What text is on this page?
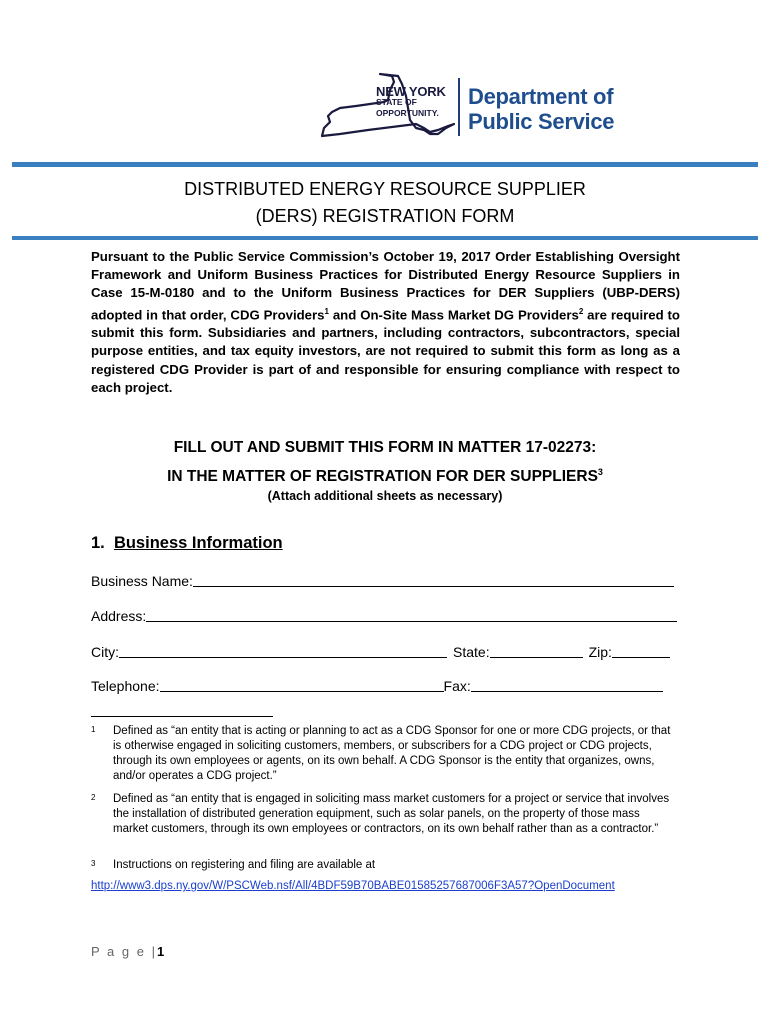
NEW YORK
STATE OF
OPPORTUNITY.
Department of
Public Service
DISTRIBUTED ENERGY RESOURCE SUPPLIER
(DERS) REGISTRATION FORM
Pursuant to the Public Service Commission’s October 19, 2017 Order Establishing Oversight Framework and Uniform Business Practices for Distributed Energy Resource Suppliers in Case 15-M-0180 and to the Uniform Business Practices for DER Suppliers (UBP-DERS) adopted in that order, CDG Providers$^1$ and On-Site Mass Market DG Providers$^2$ are required to submit this form. Subsidiaries and partners, including contractors, subcontractors, special purpose entities, and tax equity investors, are not required to submit this form as long as a registered CDG Provider is part of and responsible for ensuring compliance with respect to each project.
FILL OUT AND SUBMIT THIS FORM IN MATTER 17-02273:
IN THE MATTER OF REGISTRATION FOR DER SUPPLIERS$^3$
(Attach additional sheets as necessary)
1. Business Information
Business Name:
Address:
City:	State:	Zip:
Telephone:	Fax:
1 Defined as “an entity that is acting or planning to act as a CDG Sponsor for one or more CDG projects, or that is otherwise engaged in soliciting customers, members, or subscribers for a CDG project or CDG projects, through its own employees or agents, on its own behalf. A CDG Sponsor is the entity that organizes, owns, and/or operates a CDG project.”
2 Defined as “an entity that is engaged in soliciting mass market customers for a project or service that involves the installation of distributed generation equipment, such as solar panels, on the property of those mass market customers, through its own employees or contractors, on its own behalf rather than as a contractor.”
3 Instructions on registering and filing are available at
http://www3.dps.ny.gov/W/PSCWeb.nsf/All/4BDF59B70BABE01585257687006F3A57?OpenDocument
P a g e |1
